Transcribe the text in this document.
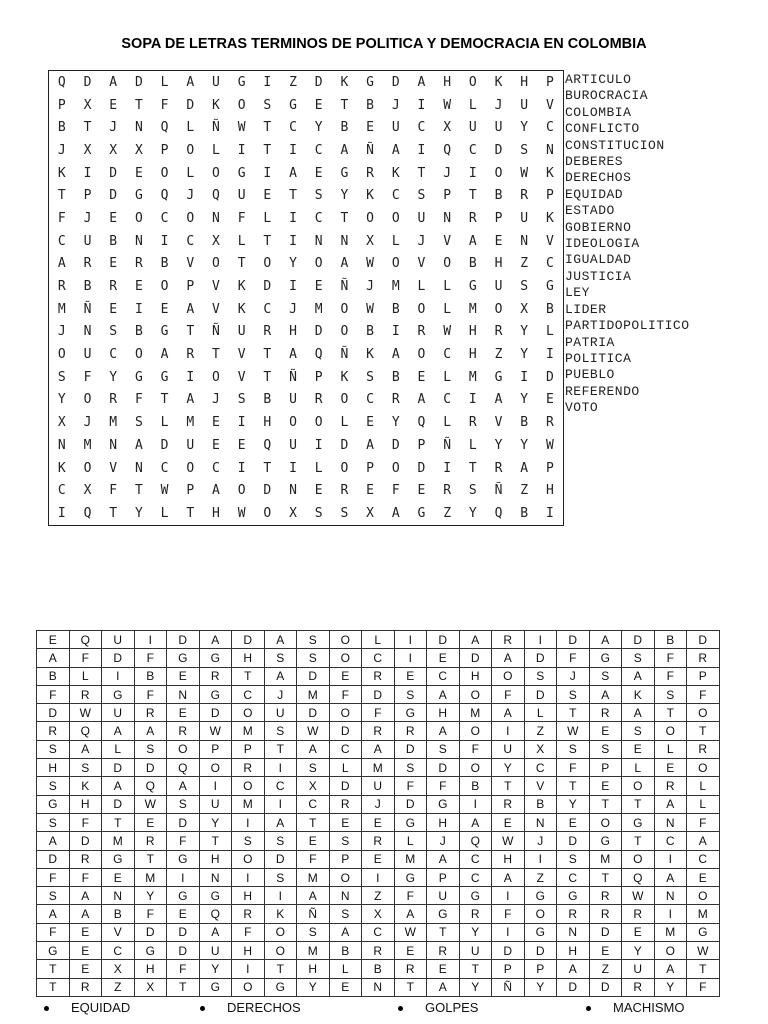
SOPA DE LETRAS TERMINOS DE POLITICA Y DEMOCRACIA EN COLOMBIA
Q	D	A	D	L	A	U	G	I	Z	D	K	G	D	A	H	O	K	H	P
P	X	E	T	F	D	K	O	S	G	E	T	B	J	I	W	L	J	U	V
B	T	J	N	Q	L	Ñ	W	T	C	Y	B	E	U	C	X	U	U	Y	C
J	X	X	X	P	O	L	I	T	I	C	A	Ñ	A	I	Q	C	D	S	N
K	I	D	E	O	L	O	G	I	A	E	G	R	K	T	J	I	O	W	K
T	P	D	G	Q	J	Q	U	E	T	S	Y	K	C	S	P	T	B	R	P
F	J	E	O	C	O	N	F	L	I	C	T	O	O	U	N	R	P	U	K
C	U	B	N	I	C	X	L	T	I	N	N	X	L	J	V	A	E	N	V
A	R	E	R	B	V	O	T	O	Y	O	A	W	O	V	O	B	H	Z	C
R	B	R	E	O	P	V	K	D	I	E	Ñ	J	M	L	L	G	U	S	G
M	Ñ	E	I	E	A	V	K	C	J	M	O	W	B	O	L	M	O	X	B
J	N	S	B	G	T	Ñ	U	R	H	D	O	B	I	R	W	H	R	Y	L
O	U	C	O	A	R	T	V	T	A	Q	Ñ	K	A	O	C	H	Z	Y	I
S	F	Y	G	G	I	O	V	T	Ñ	P	K	S	B	E	L	M	G	I	D
Y	O	R	F	T	A	J	S	B	U	R	O	C	R	A	C	I	A	Y	E
X	J	M	S	L	M	E	I	H	O	O	L	E	Y	Q	L	R	V	B	R
N	M	N	A	D	U	E	E	Q	U	I	D	A	D	P	Ñ	L	Y	Y	W
K	O	V	N	C	O	C	I	T	I	L	O	P	O	D	I	T	R	A	P
C	X	F	T	W	P	A	O	D	N	E	R	E	F	E	R	S	Ñ	Z	H
I	Q	T	Y	L	T	H	W	O	X	S	S	X	A	G	Z	Y	Q	B	I
ARTICULO
BUROCRACIA
COLOMBIA
CONFLICTO
CONSTITUCION
DEBERES
DERECHOS
EQUIDAD
ESTADO
GOBIERNO
IDEOLOGIA
IGUALDAD
JUSTICIA
LEY
LIDER
PARTIDOPOLITICO
PATRIA
POLITICA
PUEBLO
REFERENDO
VOTO
E	Q	U	I	D	A	D	A	S	O	L	I	D	A	R	I	D	A	D	B	D
A	F	D	F	G	G	H	S	S	O	C	I	E	D	A	D	F	G	S	F	R
B	L	I	B	E	R	T	A	D	E	R	E	C	H	O	S	J	S	A	F	P
F	R	G	F	N	G	C	J	M	F	D	S	A	O	F	D	S	A	K	S	F
D	W	U	R	E	D	O	U	D	O	F	G	H	M	A	L	T	R	A	T	O
R	Q	A	A	R	W	M	S	W	D	R	R	A	O	I	Z	W	E	S	O	T
S	A	L	S	O	P	P	T	A	C	A	D	S	F	U	X	S	S	E	L	R
H	S	D	D	Q	O	R	I	S	L	M	S	D	O	Y	C	F	P	L	E	O
S	K	A	Q	A	I	O	C	X	D	U	F	F	B	T	V	T	E	O	R	L
G	H	D	W	S	U	M	I	C	R	J	D	G	I	R	B	Y	T	T	A	L
S	F	T	E	D	Y	I	A	T	E	E	G	H	A	E	N	E	O	G	N	F
A	D	M	R	F	T	S	S	E	S	R	L	J	Q	W	J	D	G	T	C	A
D	R	G	T	G	H	O	D	F	P	E	M	A	C	H	I	S	M	O	I	C
F	F	E	M	I	N	I	S	M	O	I	G	P	C	A	Z	C	T	Q	A	E
S	A	N	Y	G	G	H	I	A	N	Z	F	U	G	I	G	G	R	W	N	O
A	A	B	F	E	Q	R	K	Ñ	S	X	A	G	R	F	O	R	R	R	I	M
F	E	V	D	D	A	F	O	S	A	C	W	T	Y	I	G	N	D	E	M	G
G	E	C	G	D	U	H	O	M	B	R	E	R	U	D	D	H	E	Y	O	W
T	E	X	H	F	Y	I	T	H	L	B	R	E	T	P	P	A	Z	U	A	T
T	R	Z	X	T	G	O	G	Y	E	N	T	A	Y	Ñ	Y	D	D	R	Y	F
EQUIDAD	DERECHOS	GOLPES	MACHISMO
